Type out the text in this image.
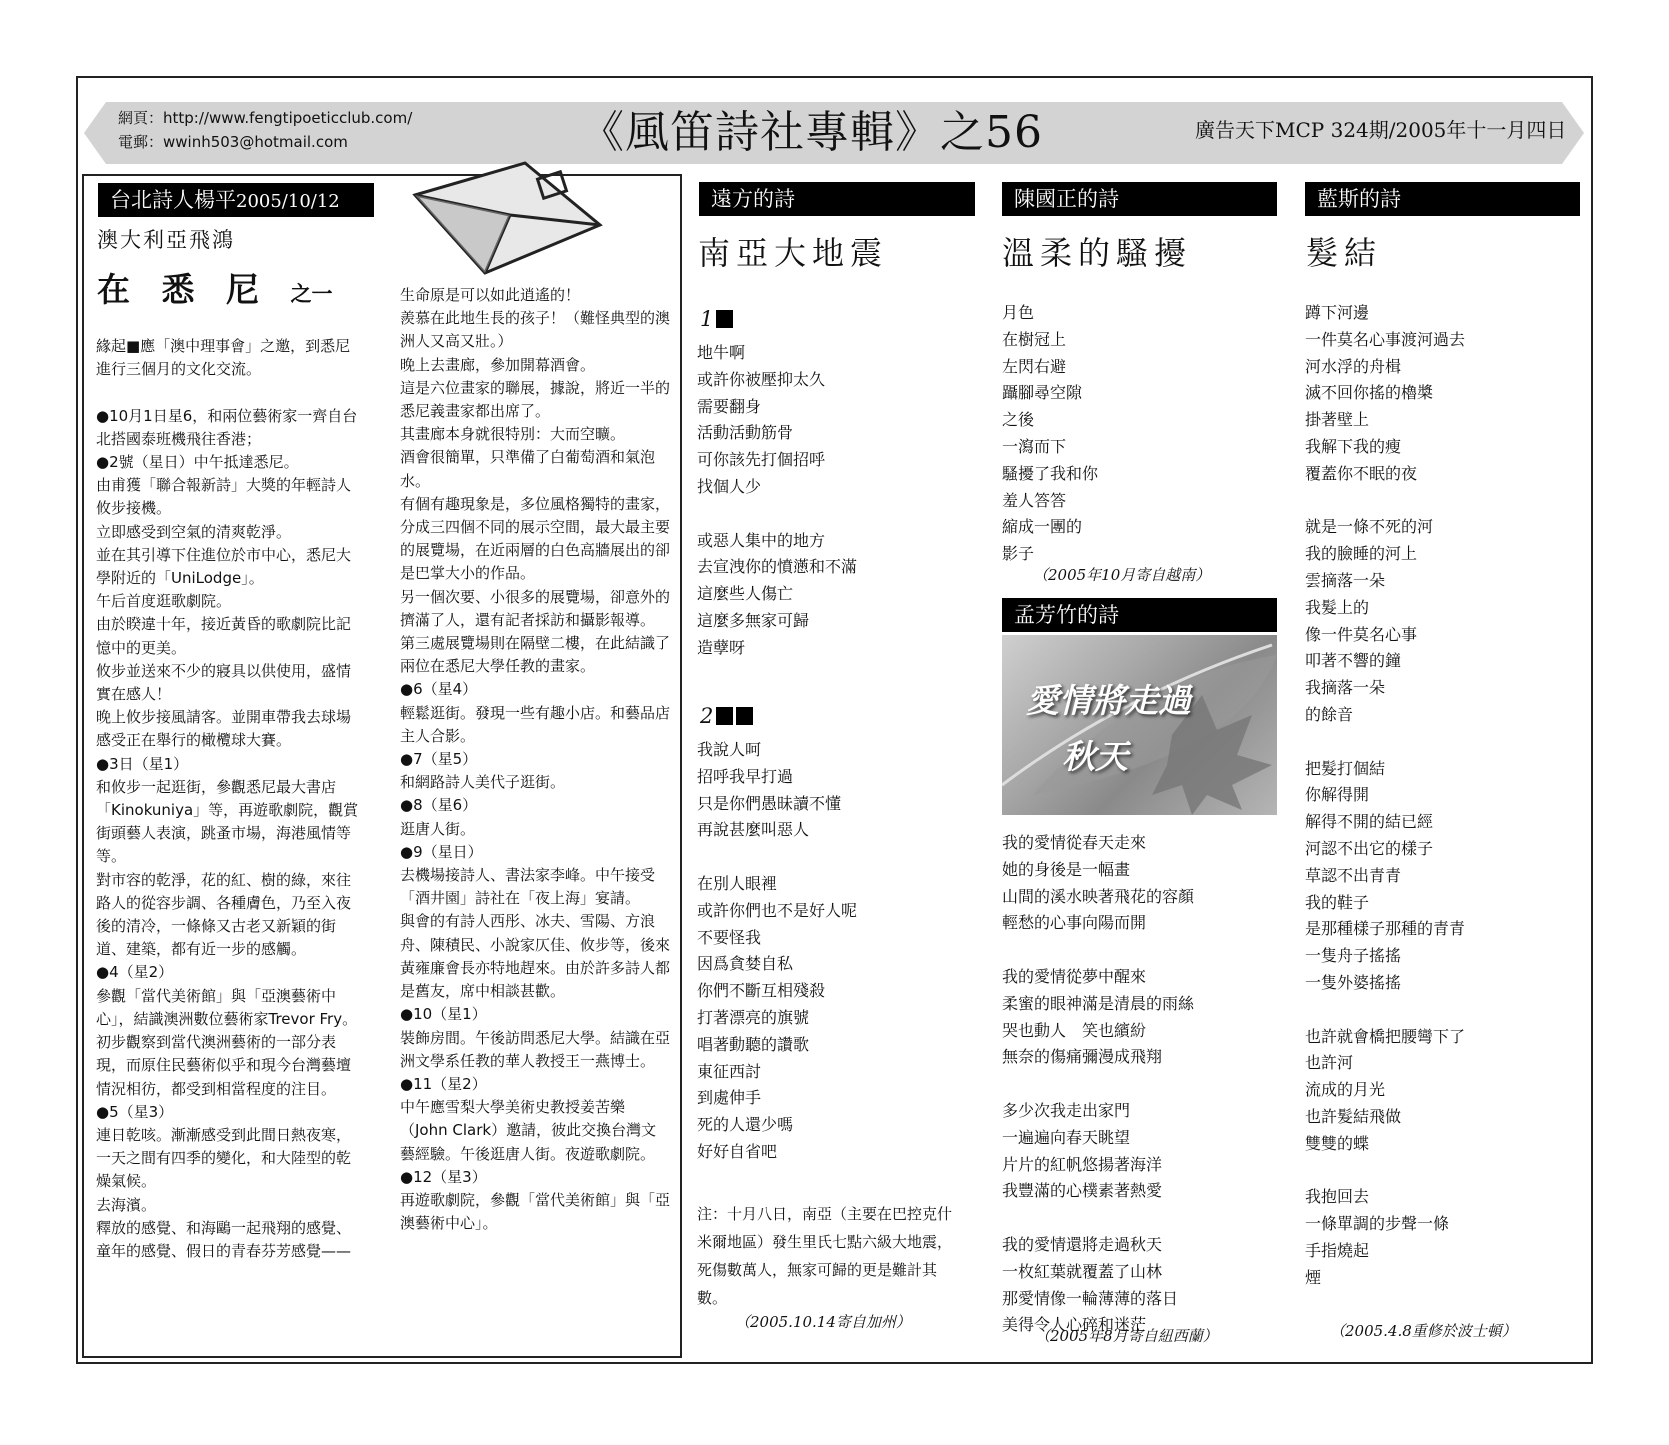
網頁：http://www.fengtipoeticclub.com/
電郵：wwinh503@hotmail.com	《風笛詩社專輯》之56	廣告天下MCP 324期/2005年十一月四日
台北詩人楊平2005/10/12
澳大利亞飛鴻
在 悉 尼 之一

緣起■應「澳中理事會」之邀，到悉尼進行三個月的文化交流。

●10月1日星6，和兩位藝術家一齊自台北搭國泰班機飛往香港；

●2號（星日）中午抵達悉尼。

由甫獲「聯合報新詩」大獎的年輕詩人攸步接機。

立即感受到空氣的清爽乾淨。

並在其引導下住進位於市中心，悉尼大學附近的「UniLodge」。

午后首度逛歌劇院。

由於睽違十年，接近黃昏的歌劇院比記憶中的更美。

攸步並送來不少的寢具以供使用，盛情實在感人！

晚上攸步接風請客。並開車帶我去球場感受正在舉行的橄欖球大賽。

●3日（星1）

和攸步一起逛街，參觀悉尼最大書店「Kinokuniya」等，再遊歌劇院，觀賞街頭藝人表演，跳蚤市場，海港風情等等。

對市容的乾淨，花的紅、樹的綠，來往路人的從容步調、各種膚色，乃至入夜後的清冷，一條條又古老又新穎的街道、建築，都有近一步的感觸。

●4（星2）

參觀「當代美術館」與「亞澳藝術中心」，結識澳洲數位藝術家Trevor Fry。

初步觀察到當代澳洲藝術的一部分表現，而原住民藝術似乎和現今台灣藝壇情況相彷，都受到相當程度的注目。

●5（星3）

連日乾咳。漸漸感受到此間日熱夜寒，一天之間有四季的變化，和大陸型的乾燥氣候。

去海濱。

釋放的感覺、和海鷗一起飛翔的感覺、童年的感覺、假日的青春芬芳感覺——

生命原是可以如此逍遙的！

羨慕在此地生長的孩子！（難怪典型的澳洲人又高又壯。）

晚上去畫廊，參加開幕酒會。

這是六位畫家的聯展，據說，將近一半的悉尼義畫家都出席了。

其畫廊本身就很特別：大而空曠。

酒會很簡單，只準備了白葡萄酒和氣泡水。

有個有趣現象是，多位風格獨特的畫家，分成三四個不同的展示空間，最大最主要的展覽場，在近兩層的白色高牆展出的卻是巴掌大小的作品。

另一個次要、小很多的展覽場，卻意外的擠滿了人，還有記者採訪和攝影報導。

第三處展覽場則在隔壁二樓，在此結識了兩位在悉尼大學任教的畫家。

●6（星4）

輕鬆逛街。發現一些有趣小店。和藝品店主人合影。

●7（星5）

和網路詩人美代子逛街。

●8（星6）

逛唐人街。

●9（星日）

去機場接詩人、書法家李峰。中午接受「酒井園」詩社在「夜上海」宴請。

與會的有詩人西彤、冰夫、雪陽、方浪舟、陳積民、小說家仄佳、攸步等，後來黃雍廉會長亦特地趕來。由於許多詩人都是舊友，席中相談甚歡。

●10（星1）

裝飾房間。午後訪問悉尼大學。結識在亞洲文學系任教的華人教授王一燕博士。

●11（星2）

中午應雪梨大學美術史教授姜苦樂（John Clark）邀請，彼此交換台灣文藝經驗。午後逛唐人街。夜遊歌劇院。

●12（星3）

再遊歌劇院，參觀「當代美術館」與「亞澳藝術中心」。

遠方的詩
南亞大地震
1

地牛啊

或許你被壓抑太久

需要翻身

活動活動筋骨

可你該先打個招呼

找個人少

或惡人集中的地方

去宣洩你的憤懣和不滿

這麼些人傷亡

這麼多無家可歸

造孽呀

2

我說人呵

招呼我早打過

只是你們愚昧讀不懂

再說甚麼叫惡人

在別人眼裡

或許你們也不是好人呢

不要怪我

因爲貪婪自私

你們不斷互相殘殺

打著漂亮的旗號

唱著動聽的讚歌

東征西討

到處伸手

死的人還少嗎

好好自省吧

注：十月八日，南亞（主要在巴控克什米爾地區）發生里氏七點六級大地震，死傷數萬人，無家可歸的更是難計其數。
（2005.10.14寄自加州）
陳國正的詩
溫柔的騷擾

月色

在樹冠上

左閃右避

躡腳尋空隙

之後

一瀉而下

騷擾了我和你

羞人答答

縮成一團的

影子

（2005年10月寄自越南）
孟芳竹的詩
愛情將走過
秋天

我的愛情從春天走來

她的身後是一幅畫

山間的溪水映著飛花的容顏

輕愁的心事向陽而開

我的愛情從夢中醒來

柔蜜的眼神滿是清晨的雨絲

哭也動人　笑也繽紛

無奈的傷痛彌漫成飛翔

多少次我走出家門

一遍遍向春天眺望

片片的紅帆悠揚著海洋

我豐滿的心樸素著熱愛

我的愛情還將走過秋天

一枚紅葉就覆蓋了山林

那愛情像一輪薄薄的落日

美得令人心碎和迷茫

（2005年8月寄自紐西蘭）
藍斯的詩
髮結

蹲下河邊

一件莫名心事渡河過去

河水浮的舟楫

滅不回你搖的櫓槳

掛著壁上

我解下我的瘦

覆蓋你不眠的夜

就是一條不死的河

我的臉睡的河上

雲摘落一朵

我髮上的

像一件莫名心事

叩著不響的鐘

我摘落一朵

的餘音

把髮打個結

你解得開

解得不開的結已經

河認不出它的樣子

草認不出青青

我的鞋子

是那種樣子那種的青青

一隻舟子搖搖

一隻外婆搖搖

也許就會橋把腰彎下了

也許河

流成的月光

也許髮結飛做

雙雙的蝶

我抱回去

一條單調的步聲一條

手指燒起

煙

（2005.4.8重修於波士頓）
